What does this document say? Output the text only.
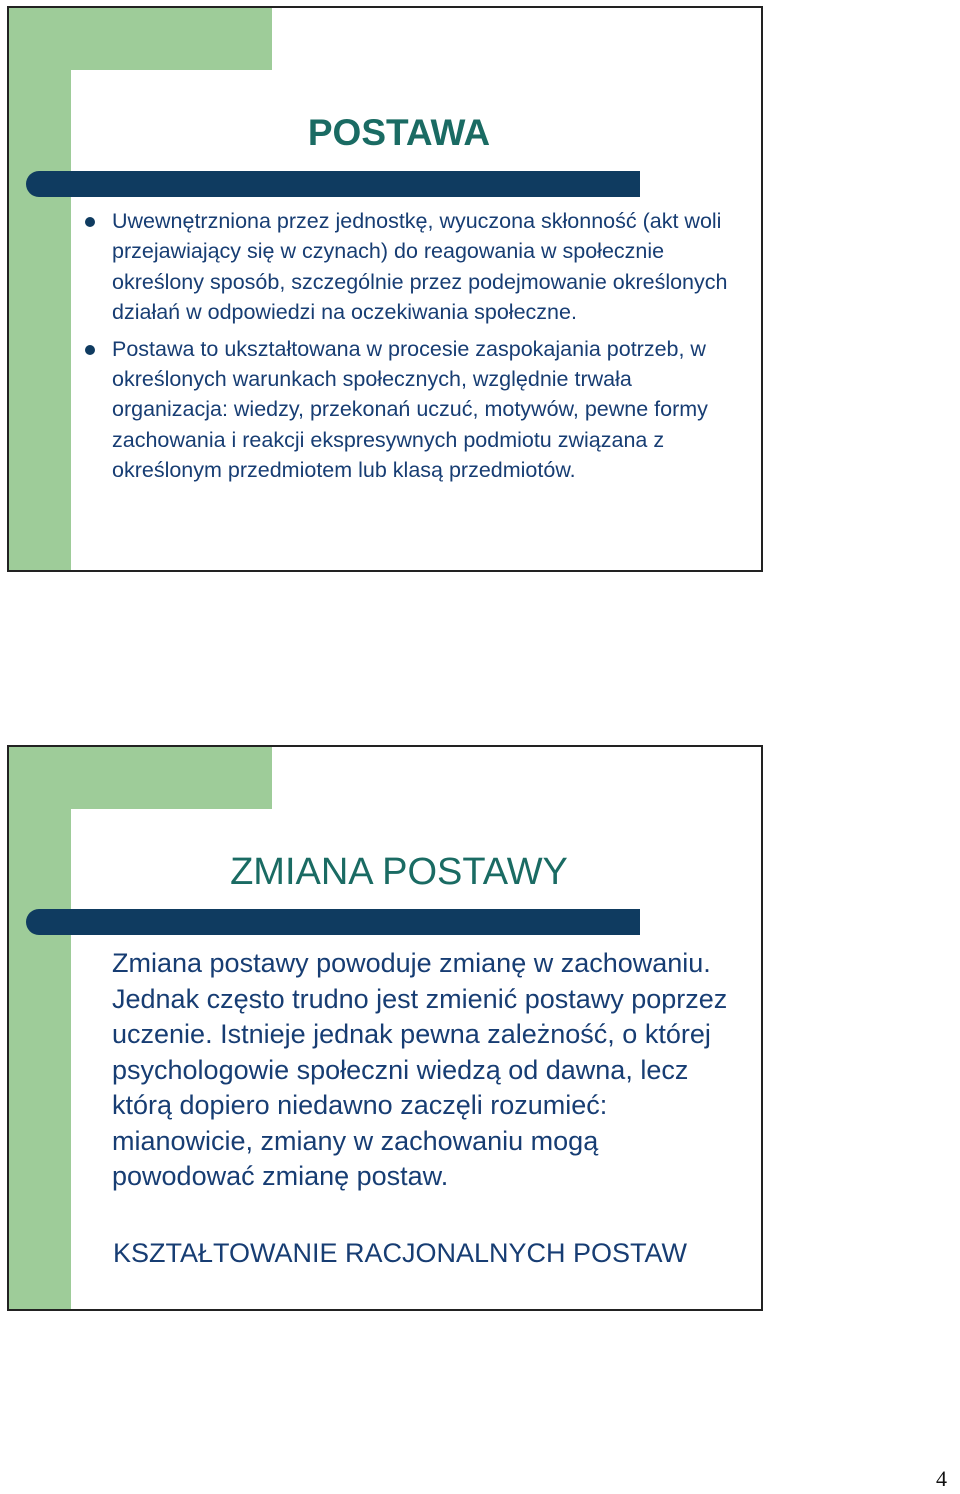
POSTAWA
Uwewnętrzniona przez jednostkę, wyuczona skłonność (akt woli przejawiający się w czynach) do reagowania w społecznie określony sposób, szczególnie przez podejmowanie określonych działań w odpowiedzi na oczekiwania społeczne.
Postawa to ukształtowana w procesie zaspokajania potrzeb, w określonych warunkach społecznych, względnie trwała organizacja: wiedzy, przekonań uczuć, motywów, pewne formy zachowania i reakcji ekspresywnych podmiotu związana z określonym przedmiotem lub klasą przedmiotów.
ZMIANA POSTAWY

Zmiana postawy powoduje zmianę w zachowaniu. Jednak często trudno jest zmienić postawy poprzez uczenie. Istnieje jednak pewna zależność, o której psychologowie społeczni wiedzą od dawna, lecz którą dopiero niedawno zaczęli rozumieć: mianowicie, zmiany w zachowaniu mogą powodować zmianę postaw.

KSZTAŁTOWANIE RACJONALNYCH POSTAW

4
